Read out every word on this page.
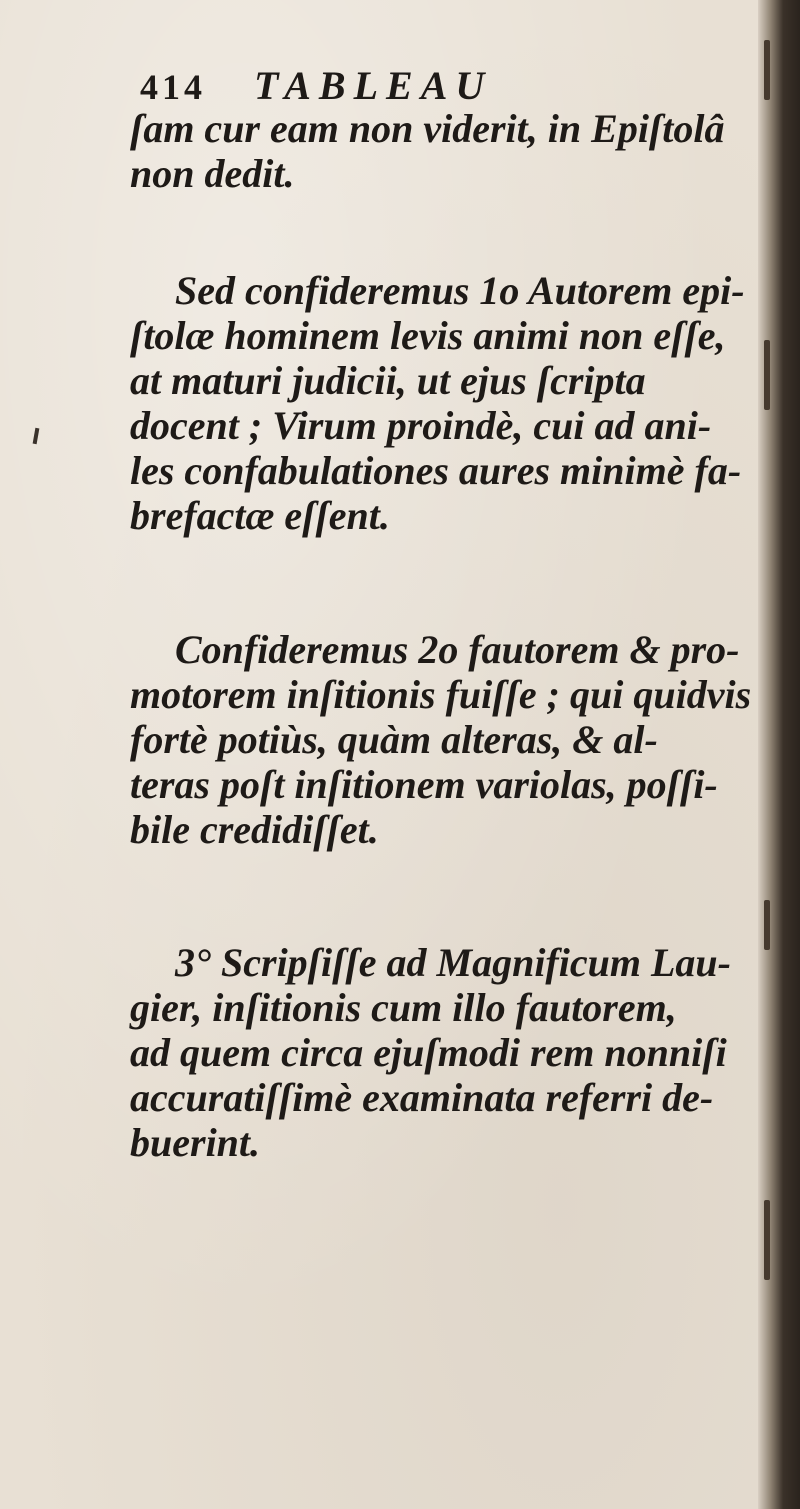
414 TABLEAU
ſam cur eam non viderit, in Epiſtolâ
non dedit.
Sed confideremus 1o Autorem epi-
ſtolæ hominem levis animi non eſſe,
at maturi judicii, ut ejus ſcripta
docent ; Virum proindè, cui ad ani-
les confabulationes aures minimè fa-
brefactæ eſſent.
Confideremus 2o fautorem & pro-
motorem inſitionis fuiſſe ; qui quidvis
fortè potiùs, quàm alteras, & al-
teras poſt inſitionem variolas, poſſi-
bile credidiſſet.
3° Scripſiſſe ad Magnificum Lau-
gier, inſitionis cum illo fautorem,
ad quem circa ejuſmodi rem nonniſi
accuratiſſimè examinata referri de-
buerint.
